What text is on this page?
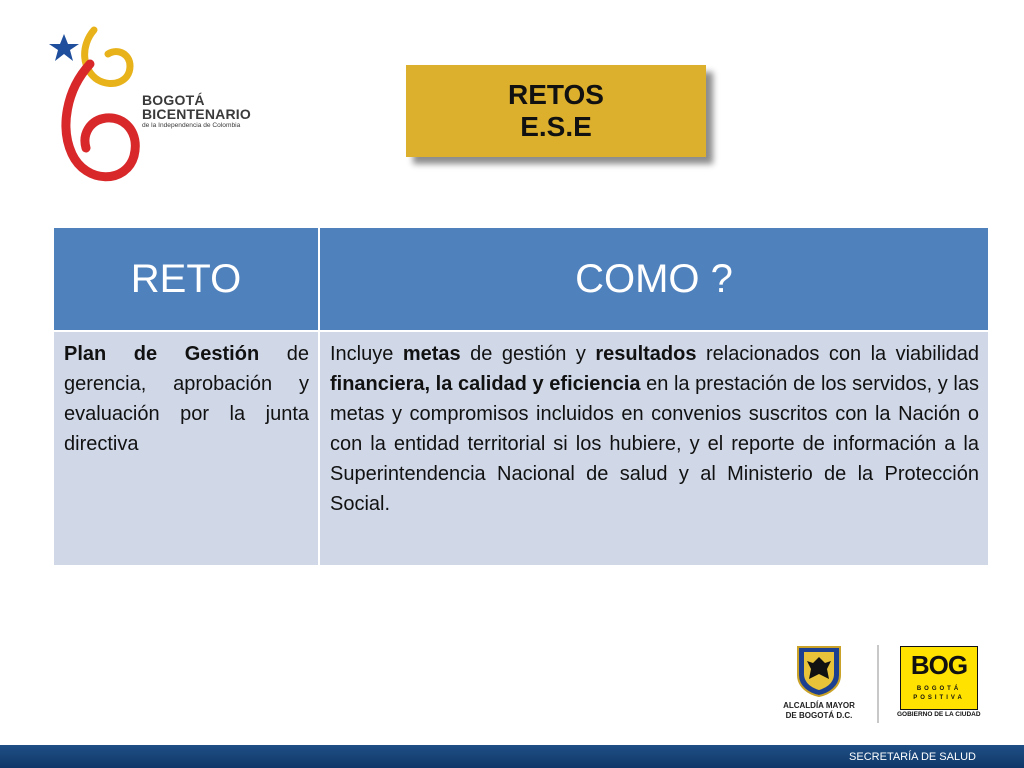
BOGOTÁ
BICENTENARIO
de la Independencia de Colombia
RETOS
E.S.E
RETO	COMO ?
Plan de Gestión de gerencia, aprobación y evaluación por la junta directiva	Incluye metas de gestión y resultados relacionados con la viabilidad financiera, la calidad y eficiencia en la prestación de los servidos, y las metas y compromisos incluidos en convenios suscritos con la Nación o con la entidad territorial si los hubiere, y el reporte de información a la Superintendencia Nacional de salud y al Ministerio de la Protección Social.
ALCALDÍA MAYOR
DE BOGOTÁ D.C.
BOG
BOGOTÁ
POSITIVA
GOBIERNO DE LA CIUDAD
SECRETARÍA DE SALUD
